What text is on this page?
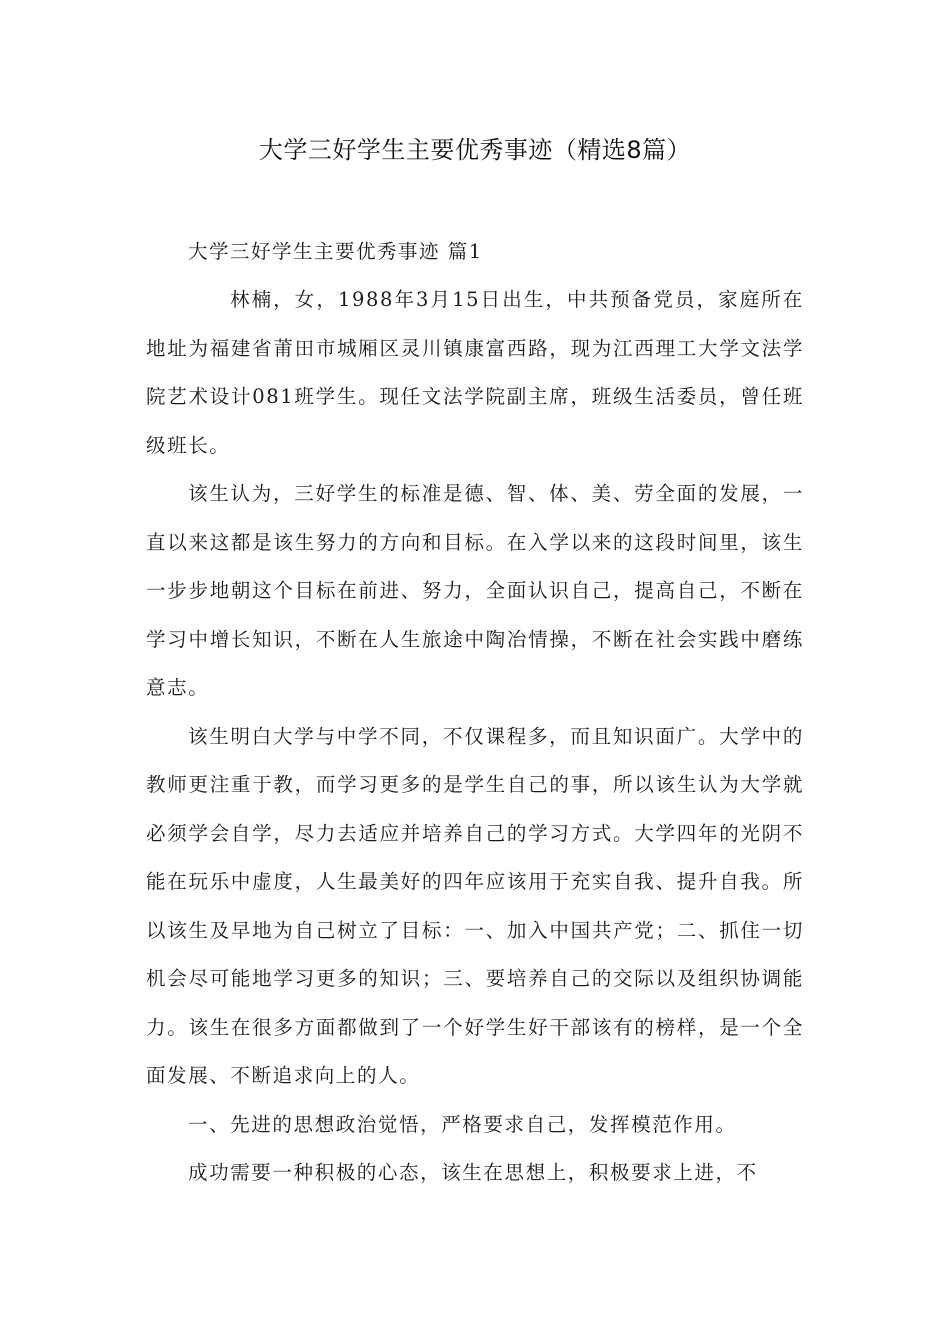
大学三好学生主要优秀事迹（精选8篇）

大学三好学生主要优秀事迹 篇1

林楠，女，1988年3月15日出生，中共预备党员，家庭所在地址为福建省莆田市城厢区灵川镇康富西路，现为江西理工大学文法学院艺术设计081班学生。现任文法学院副主席，班级生活委员，曾任班级班长。

该生认为，三好学生的标准是德、智、体、美、劳全面的发展，一直以来这都是该生努力的方向和目标。在入学以来的这段时间里，该生一步步地朝这个目标在前进、努力，全面认识自己，提高自己，不断在学习中增长知识，不断在人生旅途中陶冶情操，不断在社会实践中磨练意志。

该生明白大学与中学不同，不仅课程多，而且知识面广。大学中的教师更注重于教，而学习更多的是学生自己的事，所以该生认为大学就必须学会自学，尽力去适应并培养自己的学习方式。大学四年的光阴不能在玩乐中虚度，人生最美好的四年应该用于充实自我、提升自我。所以该生及早地为自己树立了目标：一、加入中国共产党；二、抓住一切机会尽可能地学习更多的知识；三、要培养自己的交际以及组织协调能力。该生在很多方面都做到了一个好学生好干部该有的榜样，是一个全面发展、不断追求向上的人。

一、先进的思想政治觉悟，严格要求自己，发挥模范作用。

成功需要一种积极的心态，该生在思想上，积极要求上进，不
